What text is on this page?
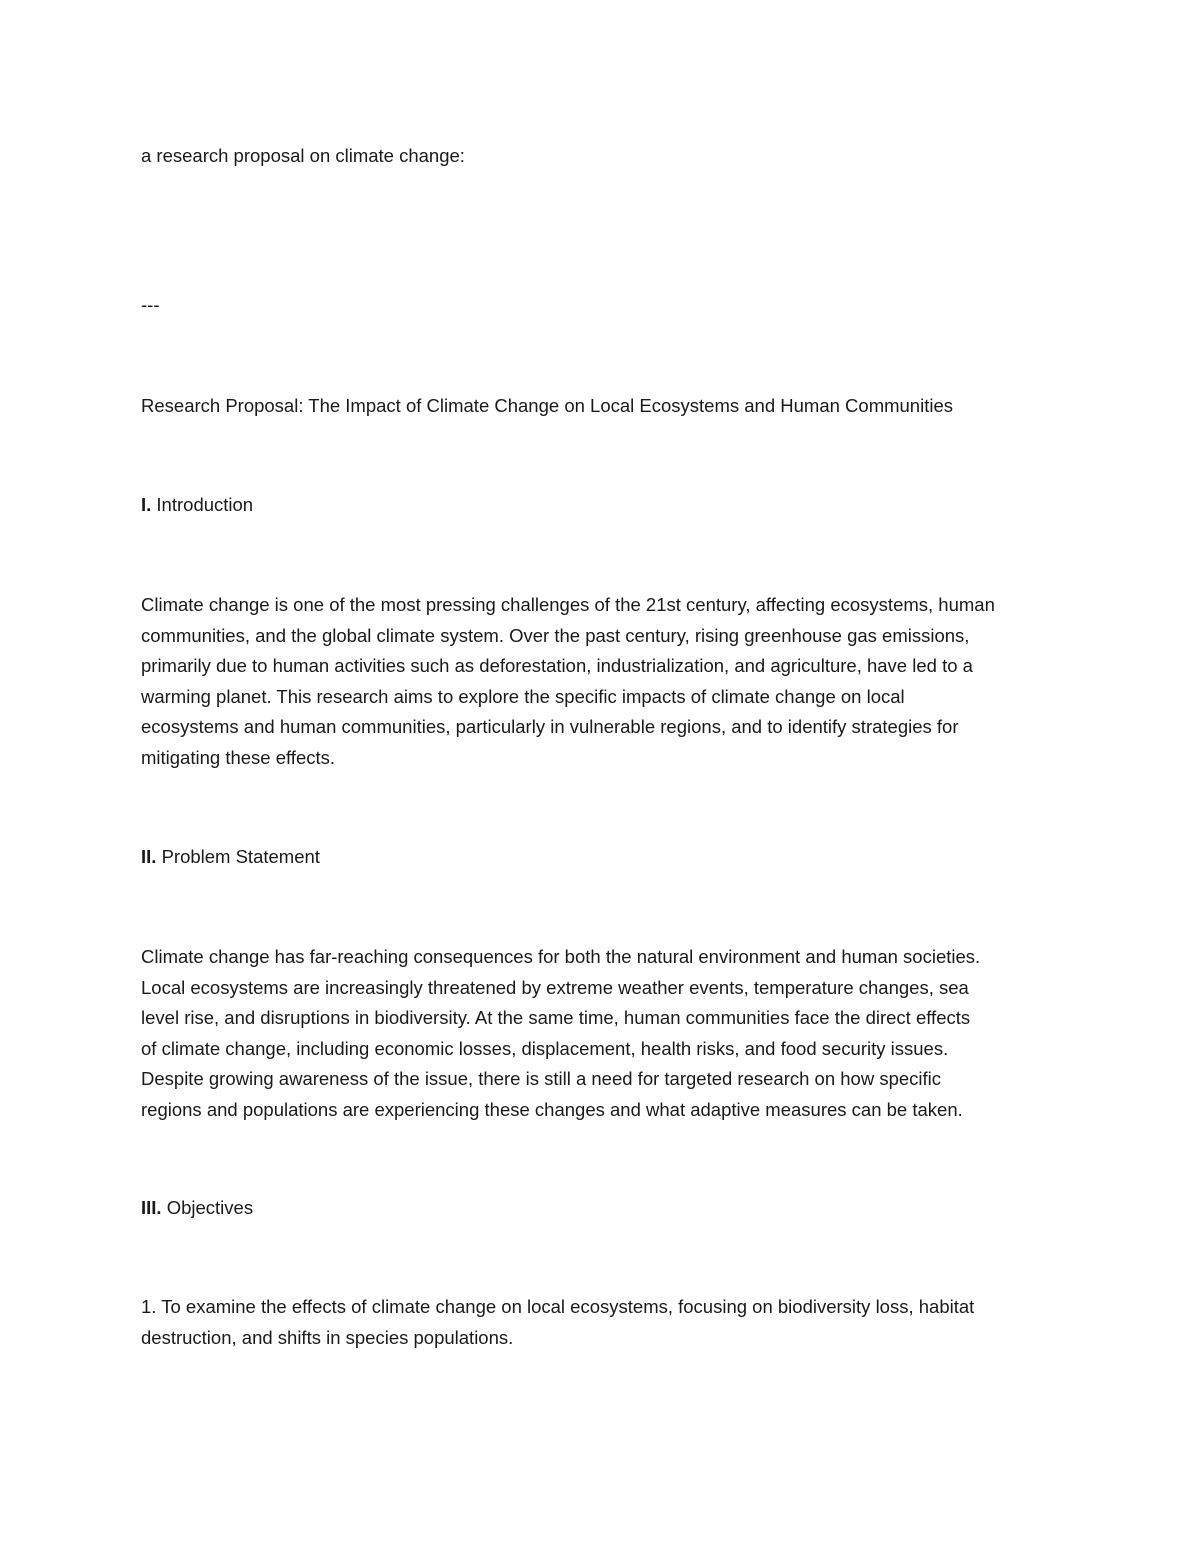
a research proposal on climate change:
---
Research Proposal: The Impact of Climate Change on Local Ecosystems and Human Communities
I. Introduction
Climate change is one of the most pressing challenges of the 21st century, affecting ecosystems, human
communities, and the global climate system. Over the past century, rising greenhouse gas emissions,
primarily due to human activities such as deforestation, industrialization, and agriculture, have led to a
warming planet. This research aims to explore the specific impacts of climate change on local
ecosystems and human communities, particularly in vulnerable regions, and to identify strategies for
mitigating these effects.
II. Problem Statement
Climate change has far-reaching consequences for both the natural environment and human societies.
Local ecosystems are increasingly threatened by extreme weather events, temperature changes, sea
level rise, and disruptions in biodiversity. At the same time, human communities face the direct effects
of climate change, including economic losses, displacement, health risks, and food security issues.
Despite growing awareness of the issue, there is still a need for targeted research on how specific
regions and populations are experiencing these changes and what adaptive measures can be taken.
III. Objectives
1. To examine the effects of climate change on local ecosystems, focusing on biodiversity loss, habitat
destruction, and shifts in species populations.
